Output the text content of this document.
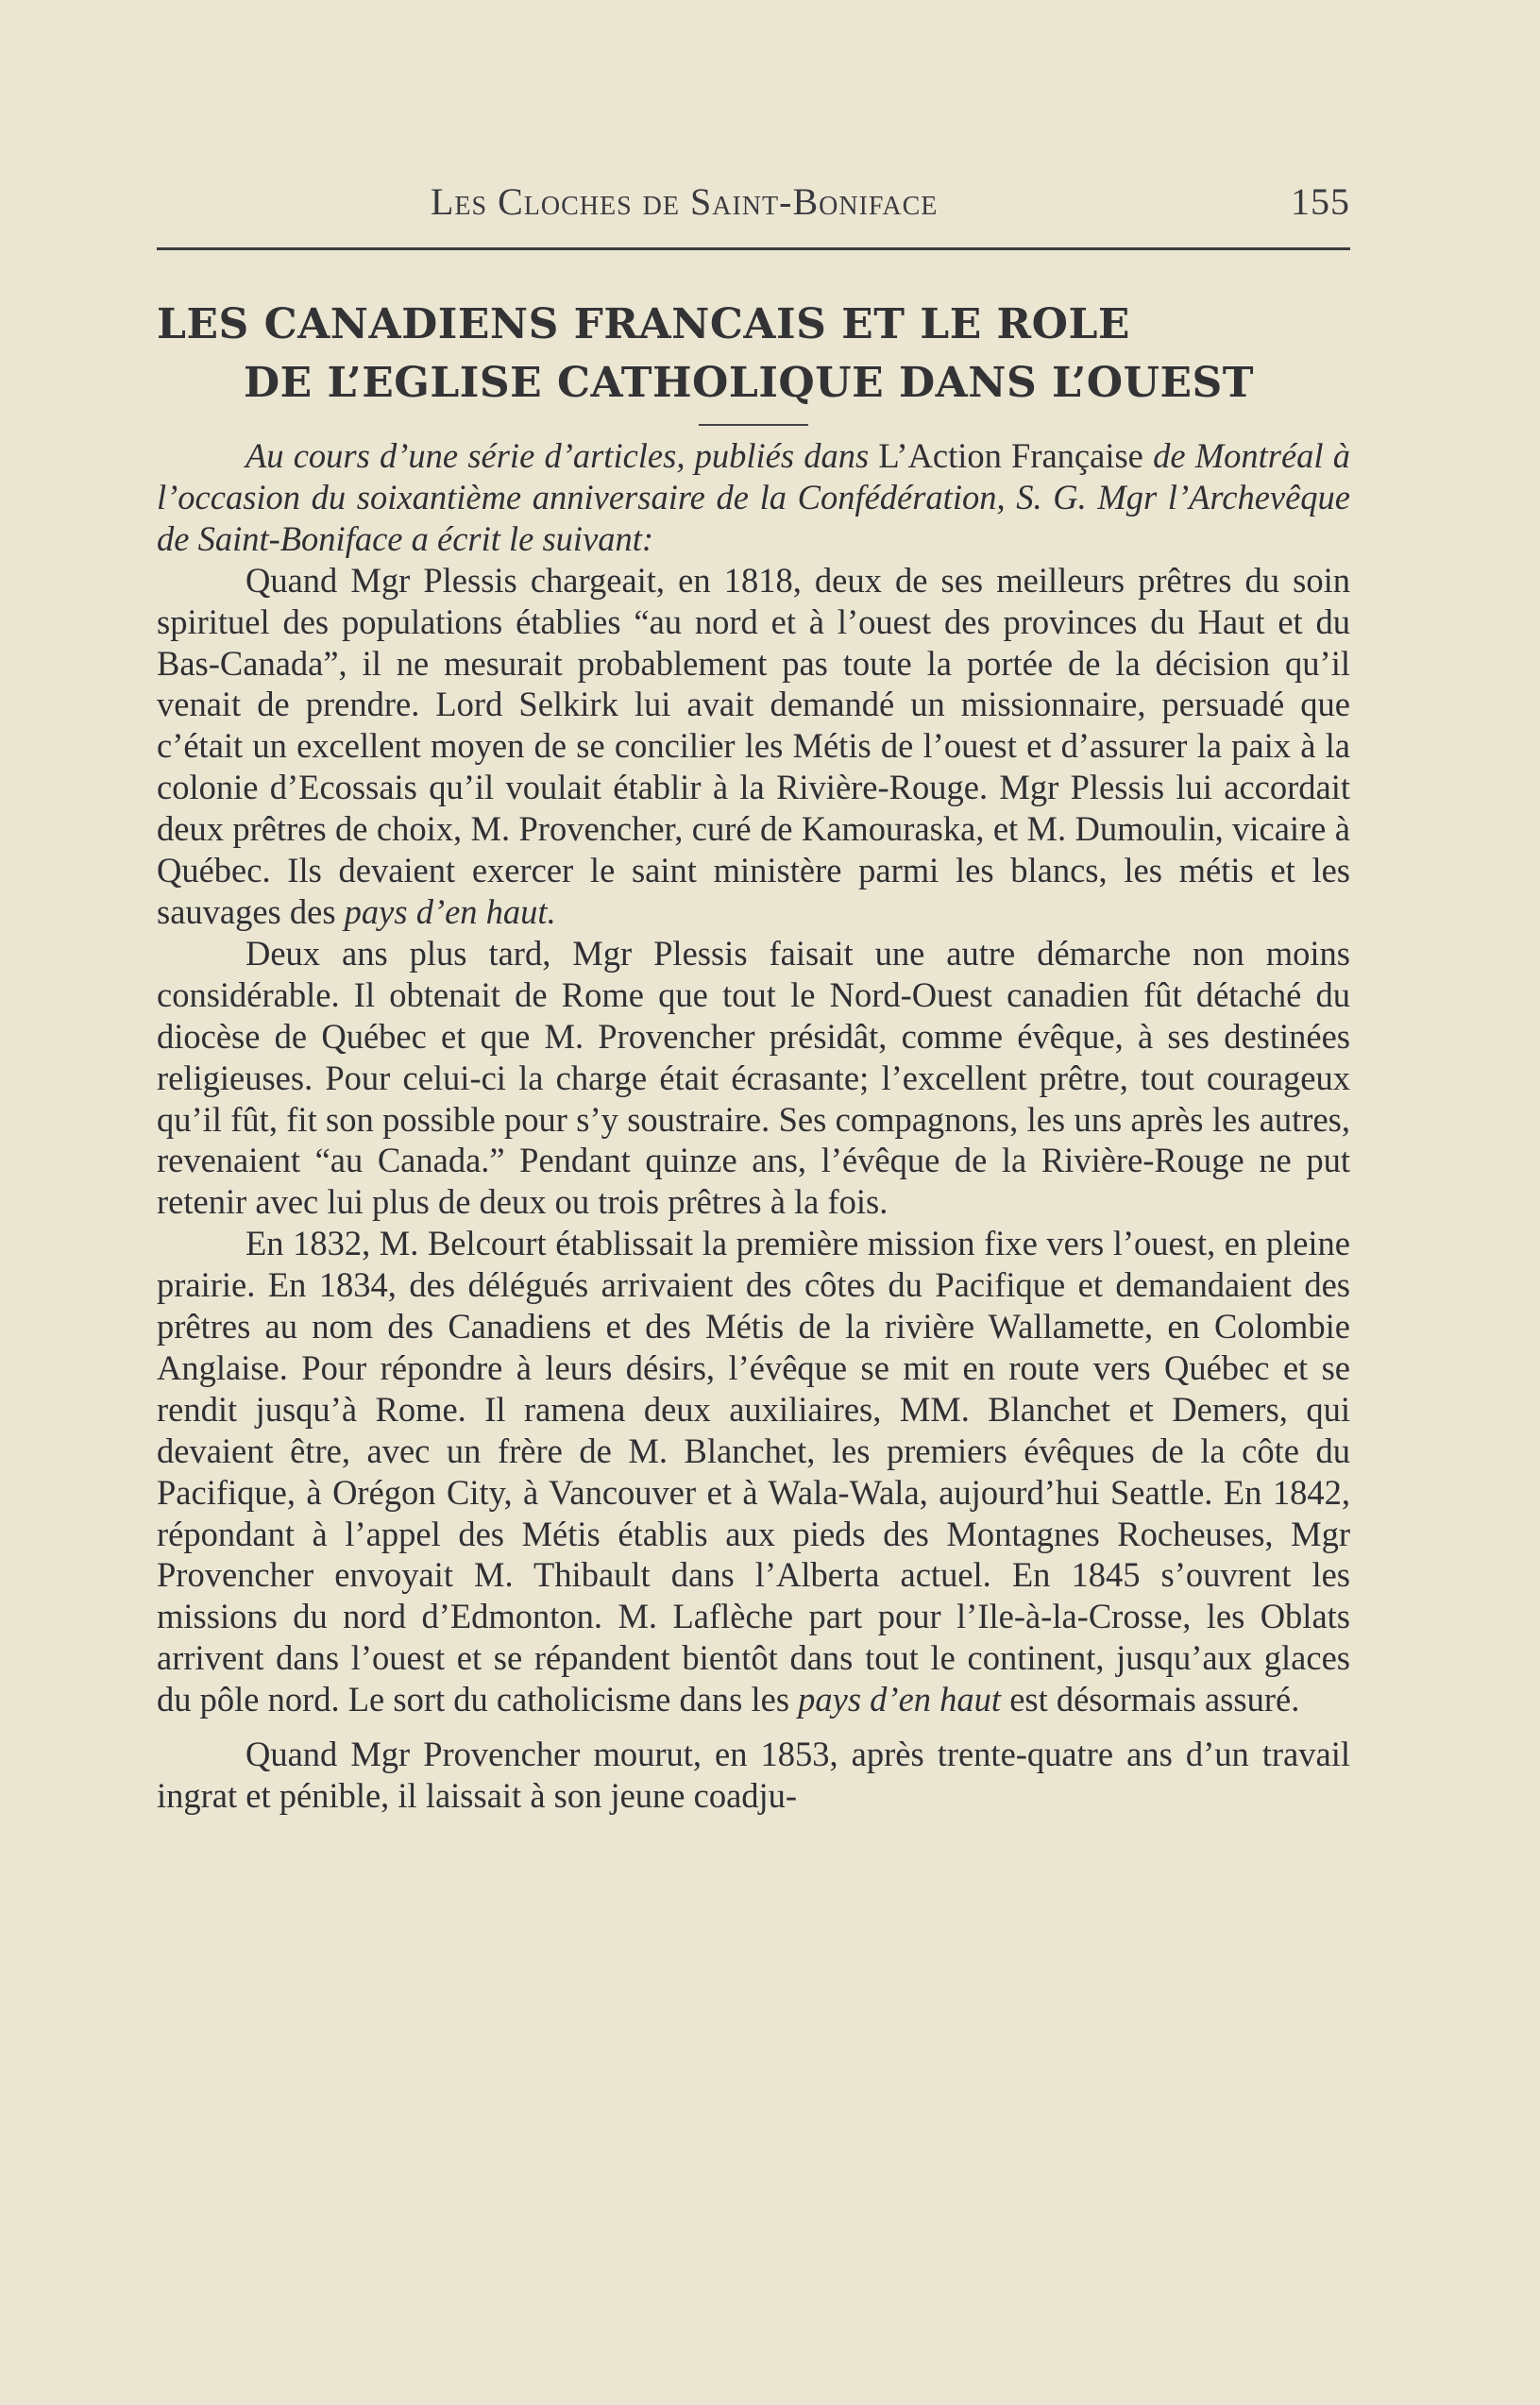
Les Cloches de Saint-Boniface	155
LES CANADIENS FRANCAIS ET LE ROLE
DE L’EGLISE CATHOLIQUE DANS L’OUEST

Au cours d’une série d’articles, publiés dans L’Action Française de Montréal à l’occasion du soixantième anniversaire de la Confédération, S. G. Mgr l’Archevêque de Saint-Boniface a écrit le suivant:

Quand Mgr Plessis chargeait, en 1818, deux de ses meilleurs prêtres du soin spirituel des populations établies “au nord et à l’ouest des provinces du Haut et du Bas-Canada”, il ne mesurait probablement pas toute la portée de la décision qu’il venait de prendre. Lord Selkirk lui avait demandé un missionnaire, persuadé que c’était un excellent moyen de se concilier les Métis de l’ouest et d’assurer la paix à la colonie d’Ecossais qu’il voulait établir à la Rivière-Rouge. Mgr Plessis lui accordait deux prêtres de choix, M. Provencher, curé de Kamouraska, et M. Dumoulin, vicaire à Québec. Ils devaient exercer le saint ministère parmi les blancs, les métis et les sauvages des pays d’en haut.

Deux ans plus tard, Mgr Plessis faisait une autre démarche non moins considérable. Il obtenait de Rome que tout le Nord-Ouest canadien fût détaché du diocèse de Québec et que M. Provencher présidât, comme évêque, à ses destinées religieuses. Pour celui-ci la charge était écrasante; l’excellent prêtre, tout courageux qu’il fût, fit son possible pour s’y soustraire. Ses compagnons, les uns après les autres, revenaient “au Canada.” Pendant quinze ans, l’évêque de la Rivière-Rouge ne put retenir avec lui plus de deux ou trois prêtres à la fois.

En 1832, M. Belcourt établissait la première mission fixe vers l’ouest, en pleine prairie. En 1834, des délégués arrivaient des côtes du Pacifique et demandaient des prêtres au nom des Canadiens et des Métis de la rivière Wallamette, en Colombie Anglaise. Pour répondre à leurs désirs, l’évêque se mit en route vers Québec et se rendit jusqu’à Rome. Il ramena deux auxiliaires, MM. Blanchet et Demers, qui devaient être, avec un frère de M. Blanchet, les premiers évêques de la côte du Pacifique, à Orégon City, à Vancouver et à Wala-Wala, aujourd’hui Seattle. En 1842, répondant à l’appel des Métis établis aux pieds des Montagnes Rocheuses, Mgr Provencher envoyait M. Thibault dans l’Alberta actuel. En 1845 s’ouvrent les missions du nord d’Edmonton. M. Laflèche part pour l’Ile-à-la-Crosse, les Oblats arrivent dans l’ouest et se répandent bientôt dans tout le continent, jusqu’aux glaces du pôle nord. Le sort du catholicisme dans les pays d’en haut est désormais assuré.

Quand Mgr Provencher mourut, en 1853, après trente-quatre ans d’un travail ingrat et pénible, il laissait à son jeune coadju-
